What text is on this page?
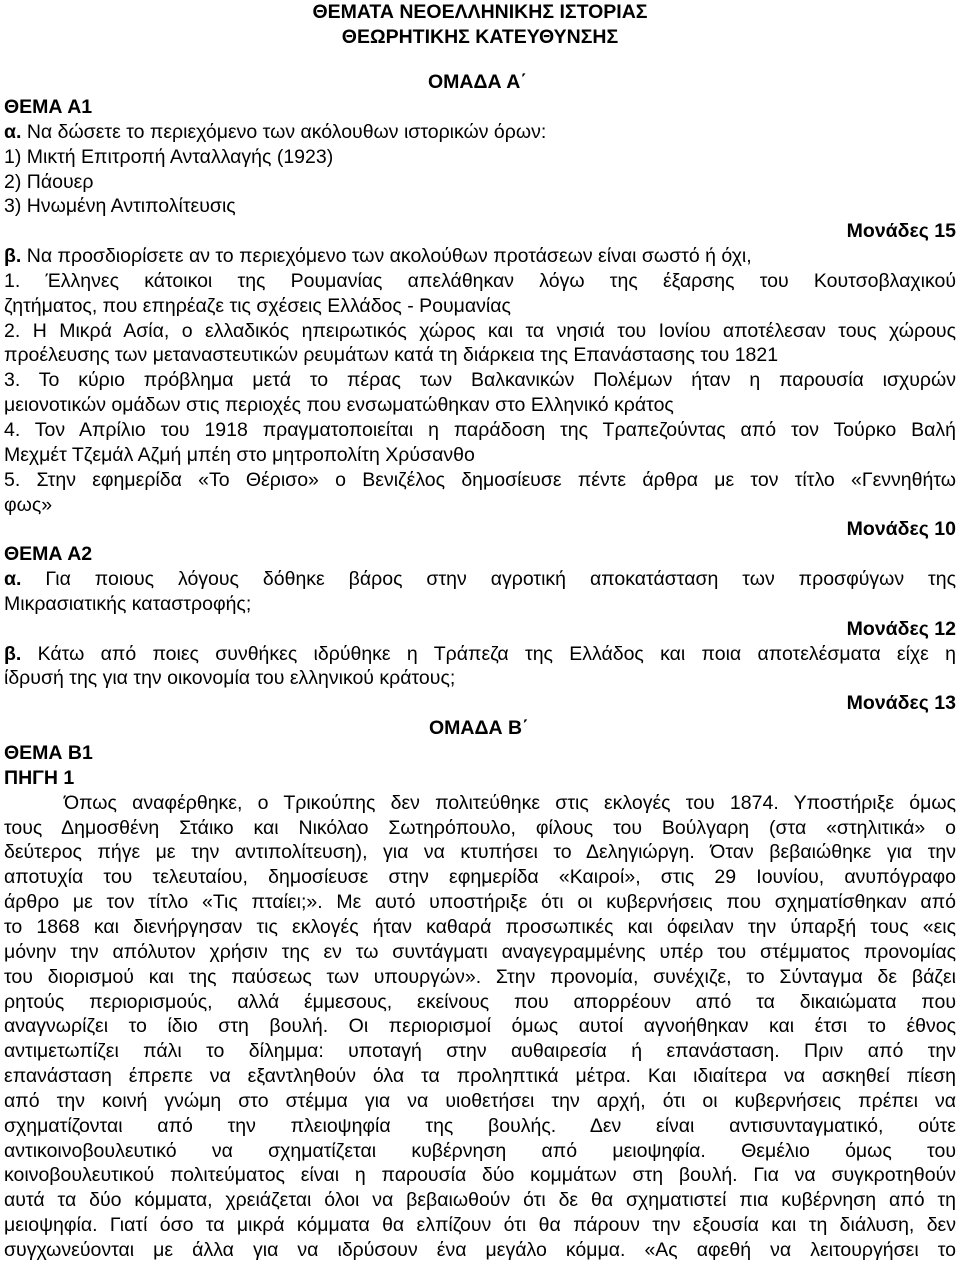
ΘΕΜΑΤΑ ΝΕΟΕΛΛΗΝΙΚΗΣ ΙΣΤΟΡΙΑΣ

ΘΕΩΡΗΤΙΚΗΣ ΚΑΤΕΥΘΥΝΣΗΣ

ΟΜΑΔΑ Α΄

ΘΕΜΑ Α1

α. Να δώσετε το περιεχόμενο των ακόλουθων ιστορικών όρων:

1) Μικτή Επιτροπή Ανταλλαγής (1923)

2) Πάουερ

3) Ηνωμένη Αντιπολίτευσις

Μονάδες 15

β. Να προσδιορίσετε αν το περιεχόμενο των ακολούθων προτάσεων είναι σωστό ή όχι,

1. Έλληνες κάτοικοι της Ρουμανίας απελάθηκαν λόγω της έξαρσης του Κουτσοβλαχικού

ζητήματος, που επηρέαζε τις σχέσεις Ελλάδος - Ρουμανίας

2. Η Μικρά Ασία, ο ελλαδικός ηπειρωτικός χώρος και τα νησιά του Ιονίου αποτέλεσαν τους χώρους

προέλευσης των μεταναστευτικών ρευμάτων κατά τη διάρκεια της Επανάστασης του 1821

3. Το κύριο πρόβλημα μετά το πέρας των Βαλκανικών Πολέμων ήταν η παρουσία ισχυρών

μειονοτικών ομάδων στις περιοχές που ενσωματώθηκαν στο Ελληνικό κράτος

4. Τον Απρίλιο του 1918 πραγματοποιείται η παράδοση της Τραπεζούντας από τον Τούρκο Βαλή

Μεχμέτ Τζεμάλ Αζμή μπέη στο μητροπολίτη Χρύσανθο

5. Στην εφημερίδα «Το Θέρισο» ο Βενιζέλος δημοσίευσε πέντε άρθρα με τον τίτλο «Γεννηθήτω

φως»

Μονάδες 10

ΘΕΜΑ Α2

α. Για ποιους λόγους δόθηκε βάρος στην αγροτική αποκατάσταση των προσφύγων της

Μικρασιατικής καταστροφής;

Μονάδες 12

β. Κάτω από ποιες συνθήκες ιδρύθηκε η Τράπεζα της Ελλάδος και ποια αποτελέσματα είχε η

ίδρυσή της για την οικονομία του ελληνικού κράτους;

Μονάδες 13

ΟΜΑΔΑ Β΄

ΘΕΜΑ Β1

ΠΗΓΗ 1

Όπως αναφέρθηκε, ο Τρικούπης δεν πολιτεύθηκε στις εκλογές του 1874. Υποστήριξε όμως

τους Δημοσθένη Στάικο και Νικόλαο Σωτηρόπουλο, φίλους του Βούλγαρη (στα «στηλιτικά» ο

δεύτερος πήγε με την αντιπολίτευση), για να κτυπήσει το Δεληγιώργη. Όταν βεβαιώθηκε για την

αποτυχία του τελευταίου, δημοσίευσε στην εφημερίδα «Καιροί», στις 29 Ιουνίου, ανυπόγραφο

άρθρο με τον τίτλο «Τις πταίει;». Με αυτό υποστήριξε ότι οι κυβερνήσεις που σχηματίσθηκαν από

το 1868 και διενήργησαν τις εκλογές ήταν καθαρά προσωπικές και όφειλαν την ύπαρξή τους «εις

μόνην την απόλυτον χρήσιν της εν τω συντάγματι αναγεγραμμένης υπέρ του στέμματος προνομίας

του διορισμού και της παύσεως των υπουργών». Στην προνομία, συνέχιζε, το Σύνταγμα δε βάζει

ρητούς περιορισμούς, αλλά έμμεσους, εκείνους που απορρέουν από τα δικαιώματα που

αναγνωρίζει το ίδιο στη βουλή. Οι περιορισμοί όμως αυτοί αγνοήθηκαν και έτσι το έθνος

αντιμετωπίζει πάλι το δίλημμα: υποταγή στην αυθαιρεσία ή επανάσταση. Πριν από την

επανάσταση έπρεπε να εξαντληθούν όλα τα προληπτικά μέτρα. Και ιδιαίτερα να ασκηθεί πίεση

από την κοινή γνώμη στο στέμμα για να υιοθετήσει την αρχή, ότι οι κυβερνήσεις πρέπει να

σχηματίζονται από την πλειοψηφία της βουλής. Δεν είναι αντισυνταγματικό, ούτε

αντικοινοβουλευτικό να σχηματίζεται κυβέρνηση από μειοψηφία. Θεμέλιο όμως του

κοινοβουλευτικού πολιτεύματος είναι η παρουσία δύο κομμάτων στη βουλή. Για να συγκροτηθούν

αυτά τα δύο κόμματα, χρειάζεται όλοι να βεβαιωθούν ότι δε θα σχηματιστεί πια κυβέρνηση από τη

μειοψηφία. Γιατί όσο τα μικρά κόμματα θα ελπίζουν ότι θα πάρουν την εξουσία και τη διάλυση, δεν

συγχωνεύονται με άλλα για να ιδρύσουν ένα μεγάλο κόμμα. «Ας αφεθή να λειτουργήσει το
